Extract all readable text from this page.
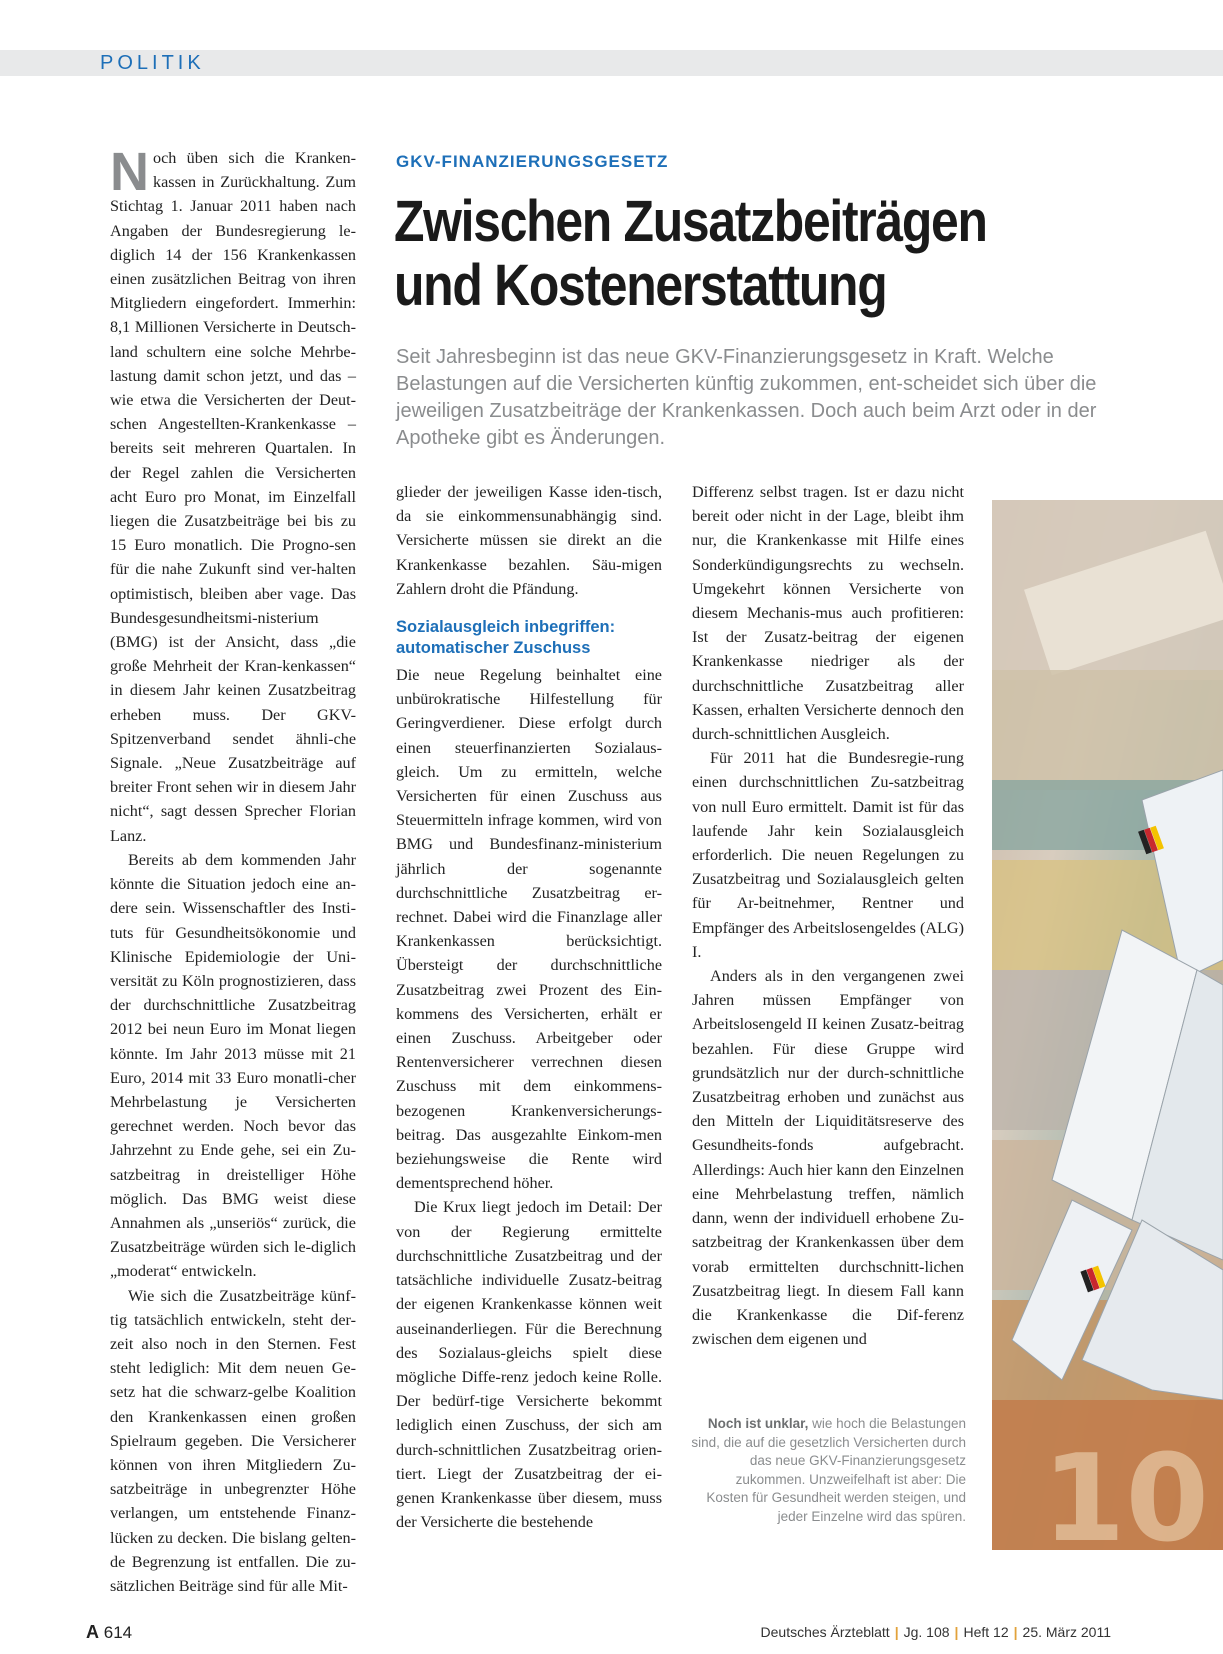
POLITIK

Noch üben sich die Kranken-kassen in Zurückhaltung. Zum Stichtag 1. Januar 2011 haben nach Angaben der Bundesregierung le-diglich 14 der 156 Krankenkassen einen zusätzlichen Beitrag von ihren Mitgliedern eingefordert. Immerhin: 8,1 Millionen Versicherte in Deutsch-land schultern eine solche Mehrbe-lastung damit schon jetzt, und das – wie etwa die Versicherten der Deut-schen Angestellten-Krankenkasse – bereits seit mehreren Quartalen. In der Regel zahlen die Versicherten acht Euro pro Monat, im Einzelfall liegen die Zusatzbeiträge bei bis zu 15 Euro monatlich. Die Progno-sen für die nahe Zukunft sind ver-halten optimistisch, bleiben aber vage. Das Bundesgesundheitsmi-nisterium (BMG) ist der Ansicht, dass „die große Mehrheit der Kran-kenkassen“ in diesem Jahr keinen Zusatzbeitrag erheben muss. Der GKV-Spitzenverband sendet ähnli-che Signale. „Neue Zusatzbeiträge auf breiter Front sehen wir in diesem Jahr nicht“, sagt dessen Sprecher Florian Lanz.

Bereits ab dem kommenden Jahr könnte die Situation jedoch eine an-dere sein. Wissenschaftler des Insti-tuts für Gesundheitsökonomie und Klinische Epidemiologie der Uni-versität zu Köln prognostizieren, dass der durchschnittliche Zusatzbeitrag 2012 bei neun Euro im Monat liegen könnte. Im Jahr 2013 müsse mit 21 Euro, 2014 mit 33 Euro monatli-cher Mehrbelastung je Versicherten gerechnet werden. Noch bevor das Jahrzehnt zu Ende gehe, sei ein Zu-satzbeitrag in dreistelliger Höhe möglich. Das BMG weist diese Annahmen als „unseriös“ zurück, die Zusatzbeiträge würden sich le-diglich „moderat“ entwickeln.

Wie sich die Zusatzbeiträge künf-tig tatsächlich entwickeln, steht der-zeit also noch in den Sternen. Fest steht lediglich: Mit dem neuen Ge-setz hat die schwarz-gelbe Koalition den Krankenkassen einen großen Spielraum gegeben. Die Versicherer können von ihren Mitgliedern Zu-satzbeiträge in unbegrenzter Höhe verlangen, um entstehende Finanz-lücken zu decken. Die bislang gelten-de Begrenzung ist entfallen. Die zu-sätzlichen Beiträge sind für alle Mit-

GKV-FINANZIERUNGSGESETZ
Zwischen Zusatzbeiträgen
und Kostenerstattung
Seit Jahresbeginn ist das neue GKV-Finanzierungsgesetz in Kraft. Welche Belastungen auf die Versicherten künftig zukommen, ent-scheidet sich über die jeweiligen Zusatzbeiträge der Krankenkassen. Doch auch beim Arzt oder in der Apotheke gibt es Änderungen.

glieder der jeweiligen Kasse iden-tisch, da sie einkommensunabhängig sind. Versicherte müssen sie direkt an die Krankenkasse bezahlen. Säu-migen Zahlern droht die Pfändung.

Sozialausgleich inbegriffen:
automatischer Zuschuss

Die neue Regelung beinhaltet eine unbürokratische Hilfestellung für Geringverdiener. Diese erfolgt durch einen steuerfinanzierten Sozialaus-gleich. Um zu ermitteln, welche Versicherten für einen Zuschuss aus Steuermitteln infrage kommen, wird von BMG und Bundesfinanz-ministerium jährlich der sogenannte durchschnittliche Zusatzbeitrag er-rechnet. Dabei wird die Finanzlage aller Krankenkassen berücksichtigt. Übersteigt der durchschnittliche Zusatzbeitrag zwei Prozent des Ein-kommens des Versicherten, erhält er einen Zuschuss. Arbeitgeber oder Rentenversicherer verrechnen diesen Zuschuss mit dem einkommens-bezogenen Krankenversicherungs-beitrag. Das ausgezahlte Einkom-men beziehungsweise die Rente wird dementsprechend höher.

Die Krux liegt jedoch im Detail: Der von der Regierung ermittelte durchschnittliche Zusatzbeitrag und der tatsächliche individuelle Zusatz-beitrag der eigenen Krankenkasse können weit auseinanderliegen. Für die Berechnung des Sozialaus-gleichs spielt diese mögliche Diffe-renz jedoch keine Rolle. Der bedürf-tige Versicherte bekommt lediglich einen Zuschuss, der sich am durch-schnittlichen Zusatzbeitrag orien-tiert. Liegt der Zusatzbeitrag der ei-genen Krankenkasse über diesem, muss der Versicherte die bestehende

Differenz selbst tragen. Ist er dazu nicht bereit oder nicht in der Lage, bleibt ihm nur, die Krankenkasse mit Hilfe eines Sonderkündigungsrechts zu wechseln. Umgekehrt können Versicherte von diesem Mechanis-mus auch profitieren: Ist der Zusatz-beitrag der eigenen Krankenkasse niedriger als der durchschnittliche Zusatzbeitrag aller Kassen, erhalten Versicherte dennoch den durch-schnittlichen Ausgleich.

Für 2011 hat die Bundesregie-rung einen durchschnittlichen Zu-satzbeitrag von null Euro ermittelt. Damit ist für das laufende Jahr kein Sozialausgleich erforderlich. Die neuen Regelungen zu Zusatzbeitrag und Sozialausgleich gelten für Ar-beitnehmer, Rentner und Empfänger des Arbeitslosengeldes (ALG) I.

Anders als in den vergangenen zwei Jahren müssen Empfänger von Arbeitslosengeld II keinen Zusatz-beitrag bezahlen. Für diese Gruppe wird grundsätzlich nur der durch-schnittliche Zusatzbeitrag erhoben und zunächst aus den Mitteln der Liquiditätsreserve des Gesundheits-fonds aufgebracht. Allerdings: Auch hier kann den Einzelnen eine Mehrbelastung treffen, nämlich dann, wenn der individuell erhobene Zu-satzbeitrag der Krankenkassen über dem vorab ermittelten durchschnitt-lichen Zusatzbeitrag liegt. In diesem Fall kann die Krankenkasse die Dif-ferenz zwischen dem eigenen und

10
Noch ist unklar, wie hoch die Belastungen sind, die auf die gesetzlich Versicherten durch das neue GKV-Finanzierungsgesetz zukommen. Unzweifelhaft ist aber: Die Kosten für Gesundheit werden steigen, und jeder Einzelne wird das spüren.
A 614	Deutsches Ärzteblatt | Jg. 108 | Heft 12 | 25. März 2011
